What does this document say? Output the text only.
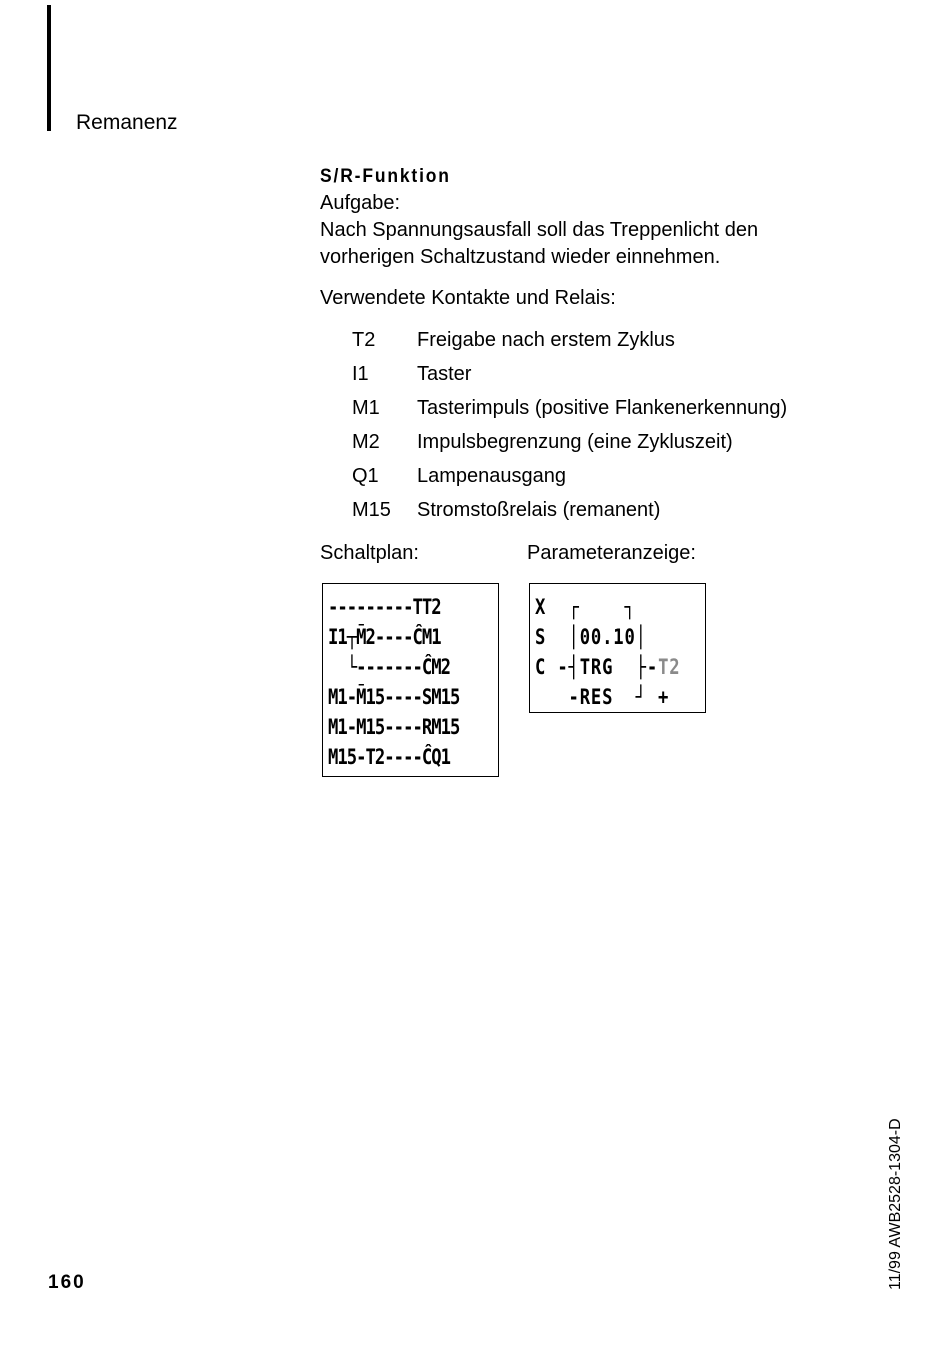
Remanenz

S/R-Funktion

Aufgabe:

Nach Spannungsausfall soll das Treppenlicht den

vorherigen Schaltzustand wieder einnehmen.

Verwendete Kontakte und Relais:

T2	Freigabe nach erstem Zyklus
I1	Taster
M1	Tasterimpuls (positive Flankenerkennung)
M2	Impulsbegrenzung (eine Zykluszeit)
Q1	Lampenausgang
M15	Stromstoßrelais (remanent)
Schaltplan:	Parameteranzeige:
---------TT2
I1┬M̄2----ĈM1
└-------ĈM2
M1-M̄15----SM15
M1-M15----RM15
M15-T2----ĈQ1
X  ┌    ┐
S  │00.10│
C -┤TRG  ├-T2
-RES  ┘ +
160	11/99 AWB2528-1304-D
